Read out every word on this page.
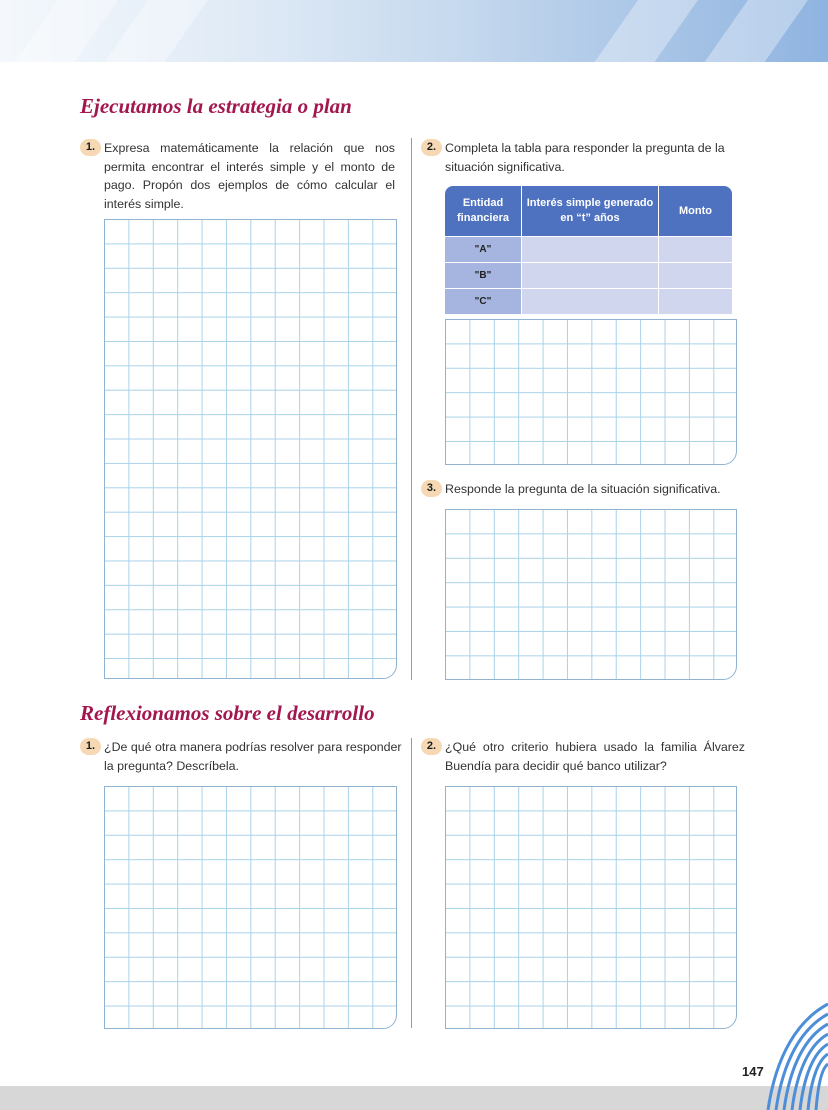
Ejecutamos la estrategia o plan
1. Expresa matemáticamente la relación que nos permita encontrar el interés simple y el monto de pago. Propón dos ejemplos de cómo calcular el interés simple.
2. Completa la tabla para responder la pregunta de la situación significativa.
Entidad financiera	Interés simple generado en “t” años	Monto
"A"		
"B"		
"C"		
3. Responde la pregunta de la situación significativa.
Reflexionamos sobre el desarrollo
1. ¿De qué otra manera podrías resolver para responder la pregunta? Descríbela.
2. ¿Qué otro criterio hubiera usado la familia Álvarez Buendía para decidir qué banco utilizar?
147
